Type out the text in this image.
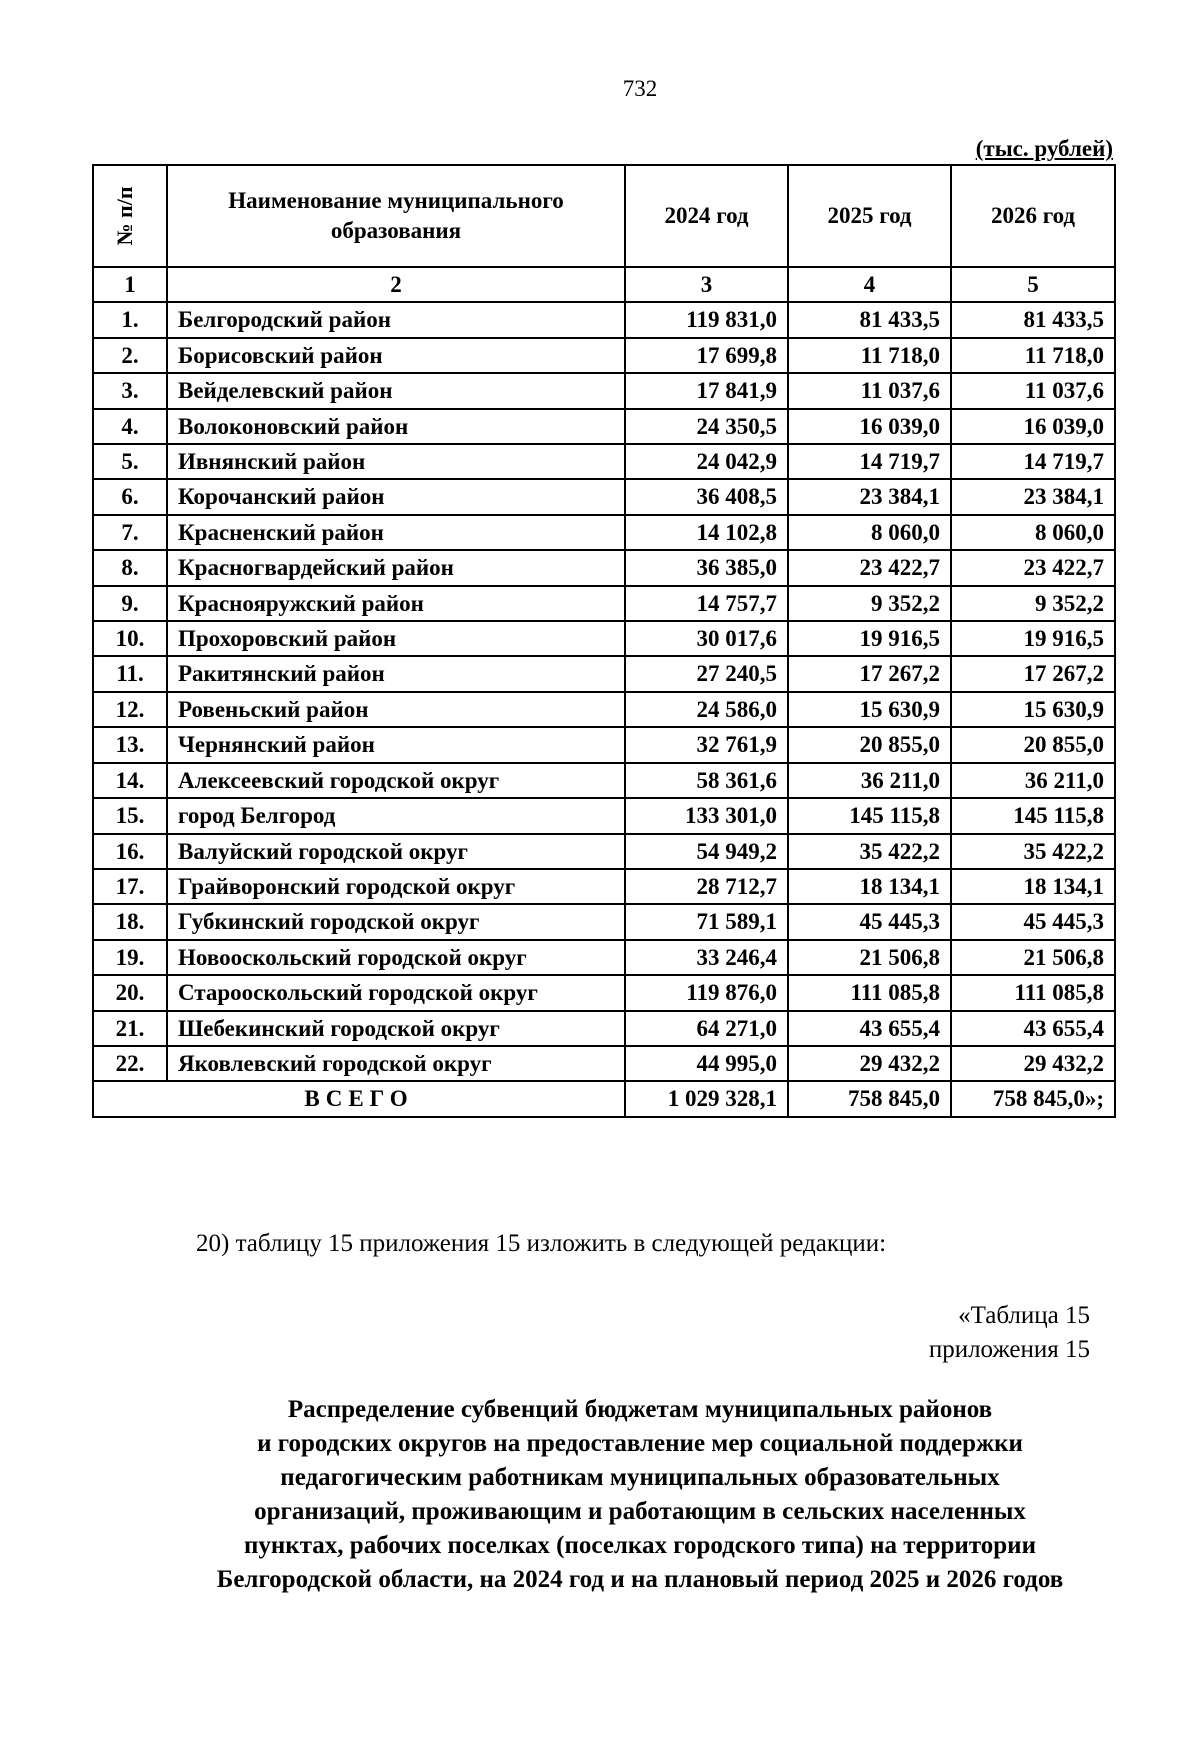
732
(тыс. рублей)
№ п/п	Наименование муниципального образования	2024 год	2025 год	2026 год
1	2	3	4	5
1.	Белгородский район	119 831,0	81 433,5	81 433,5
2.	Борисовский район	17 699,8	11 718,0	11 718,0
3.	Вейделевский район	17 841,9	11 037,6	11 037,6
4.	Волоконовский район	24 350,5	16 039,0	16 039,0
5.	Ивнянский район	24 042,9	14 719,7	14 719,7
6.	Корочанский район	36 408,5	23 384,1	23 384,1
7.	Красненский район	14 102,8	8 060,0	8 060,0
8.	Красногвардейский район	36 385,0	23 422,7	23 422,7
9.	Краснояружский район	14 757,7	9 352,2	9 352,2
10.	Прохоровский район	30 017,6	19 916,5	19 916,5
11.	Ракитянский район	27 240,5	17 267,2	17 267,2
12.	Ровеньский район	24 586,0	15 630,9	15 630,9
13.	Чернянский район	32 761,9	20 855,0	20 855,0
14.	Алексеевский городской округ	58 361,6	36 211,0	36 211,0
15.	город Белгород	133 301,0	145 115,8	145 115,8
16.	Валуйский городской округ	54 949,2	35 422,2	35 422,2
17.	Грайворонский городской округ	28 712,7	18 134,1	18 134,1
18.	Губкинский городской округ	71 589,1	45 445,3	45 445,3
19.	Новооскольский городской округ	33 246,4	21 506,8	21 506,8
20.	Старооскольский городской округ	119 876,0	111 085,8	111 085,8
21.	Шебекинский городской округ	64 271,0	43 655,4	43 655,4
22.	Яковлевский городской округ	44 995,0	29 432,2	29 432,2
ВСЕГО		1 029 328,1	758 845,0	758 845,0»;
20) таблицу 15 приложения 15 изложить в следующей редакции:
«Таблица 15
приложения 15
Распределение субвенций бюджетам муниципальных районов
и городских округов на предоставление мер социальной поддержки
педагогическим работникам муниципальных образовательных
организаций, проживающим и работающим в сельских населенных
пунктах, рабочих поселках (поселках городского типа) на территории
Белгородской области, на 2024 год и на плановый период 2025 и 2026 годов
